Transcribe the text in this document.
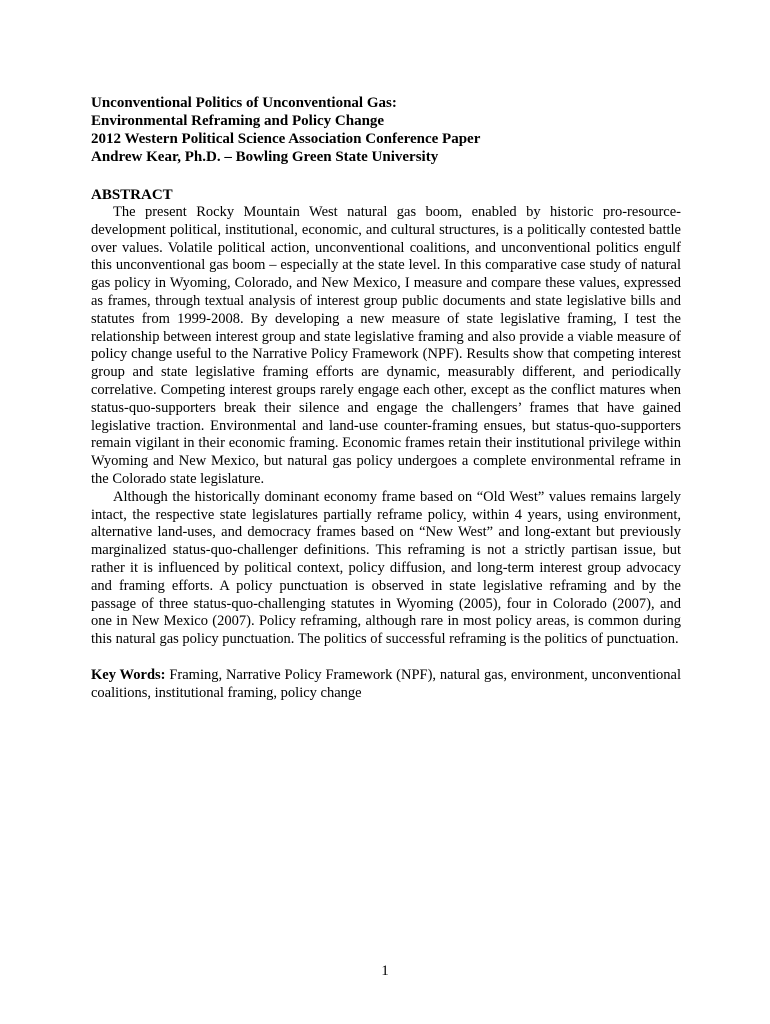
Unconventional Politics of Unconventional Gas:
Environmental Reframing and Policy Change
2012 Western Political Science Association Conference Paper
Andrew Kear, Ph.D. – Bowling Green State University
ABSTRACT

The present Rocky Mountain West natural gas boom, enabled by historic pro-resource-development political, institutional, economic, and cultural structures, is a politically contested battle over values. Volatile political action, unconventional coalitions, and unconventional politics engulf this unconventional gas boom – especially at the state level. In this comparative case study of natural gas policy in Wyoming, Colorado, and New Mexico, I measure and compare these values, expressed as frames, through textual analysis of interest group public documents and state legislative bills and statutes from 1999-2008. By developing a new measure of state legislative framing, I test the relationship between interest group and state legislative framing and also provide a viable measure of policy change useful to the Narrative Policy Framework (NPF). Results show that competing interest group and state legislative framing efforts are dynamic, measurably different, and periodically correlative. Competing interest groups rarely engage each other, except as the conflict matures when status-quo-supporters break their silence and engage the challengers’ frames that have gained legislative traction. Environmental and land-use counter-framing ensues, but status-quo-supporters remain vigilant in their economic framing. Economic frames retain their institutional privilege within Wyoming and New Mexico, but natural gas policy undergoes a complete environmental reframe in the Colorado state legislature.

Although the historically dominant economy frame based on “Old West” values remains largely intact, the respective state legislatures partially reframe policy, within 4 years, using environment, alternative land-uses, and democracy frames based on “New West” and long-extant but previously marginalized status-quo-challenger definitions. This reframing is not a strictly partisan issue, but rather it is influenced by political context, policy diffusion, and long-term interest group advocacy and framing efforts. A policy punctuation is observed in state legislative reframing and by the passage of three status-quo-challenging statutes in Wyoming (2005), four in Colorado (2007), and one in New Mexico (2007). Policy reframing, although rare in most policy areas, is common during this natural gas policy punctuation. The politics of successful reframing is the politics of punctuation.

Key Words: Framing, Narrative Policy Framework (NPF), natural gas, environment, unconventional coalitions, institutional framing, policy change
1
